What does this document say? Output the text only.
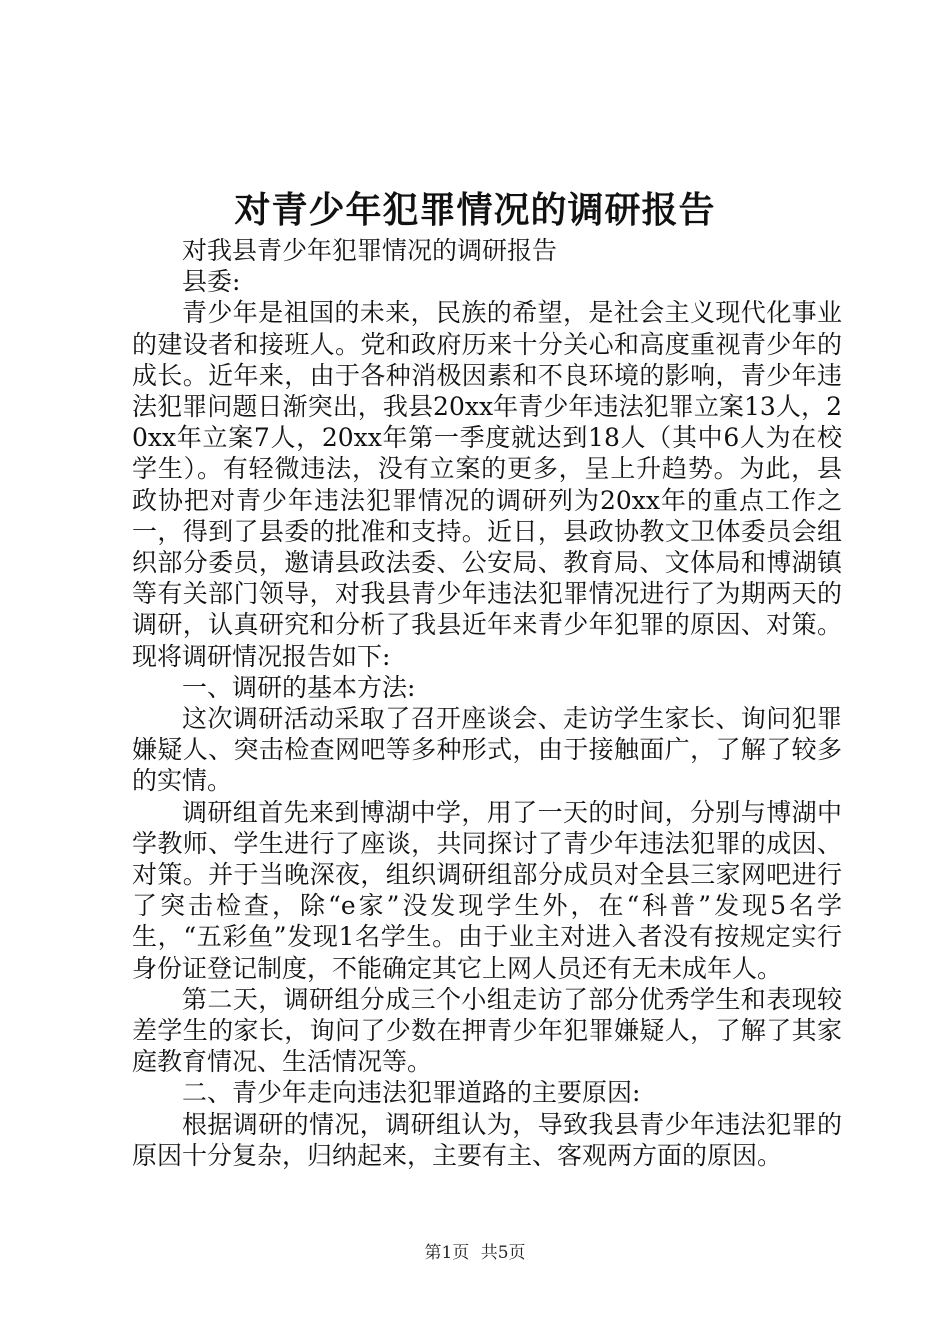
对青少年犯罪情况的调研报告

对我县青少年犯罪情况的调研报告

县委:

青少年是祖国的未来，民族的希望，是社会主义现代化事业的建设者和接班人。党和政府历来十分关心和高度重视青少年的成长。近年来，由于各种消极因素和不良环境的影响，青少年违法犯罪问题日渐突出，我县20xx年青少年违法犯罪立案13人，20xx年立案7人，20xx年第一季度就达到18人（其中6人为在校学生）。有轻微违法，没有立案的更多，呈上升趋势。为此，县政协把对青少年违法犯罪情况的调研列为20xx年的重点工作之一，得到了县委的批准和支持。近日，县政协教文卫体委员会组织部分委员，邀请县政法委、公安局、教育局、文体局和博湖镇等有关部门领导，对我县青少年违法犯罪情况进行了为期两天的调研，认真研究和分析了我县近年来青少年犯罪的原因、对策。现将调研情况报告如下:

一、调研的基本方法:

这次调研活动采取了召开座谈会、走访学生家长、询问犯罪嫌疑人、突击检查网吧等多种形式，由于接触面广，了解了较多的实情。

调研组首先来到博湖中学，用了一天的时间，分别与博湖中学教师、学生进行了座谈，共同探讨了青少年违法犯罪的成因、对策。并于当晚深夜，组织调研组部分成员对全县三家网吧进行了突击检查，除“e家”没发现学生外，在“科普”发现5名学生，“五彩鱼”发现1名学生。由于业主对进入者没有按规定实行身份证登记制度，不能确定其它上网人员还有无未成年人。

第二天，调研组分成三个小组走访了部分优秀学生和表现较差学生的家长，询问了少数在押青少年犯罪嫌疑人，了解了其家庭教育情况、生活情况等。

二、青少年走向违法犯罪道路的主要原因:

根据调研的情况，调研组认为，导致我县青少年违法犯罪的原因十分复杂，归纳起来，主要有主、客观两方面的原因。

第1页 共5页
